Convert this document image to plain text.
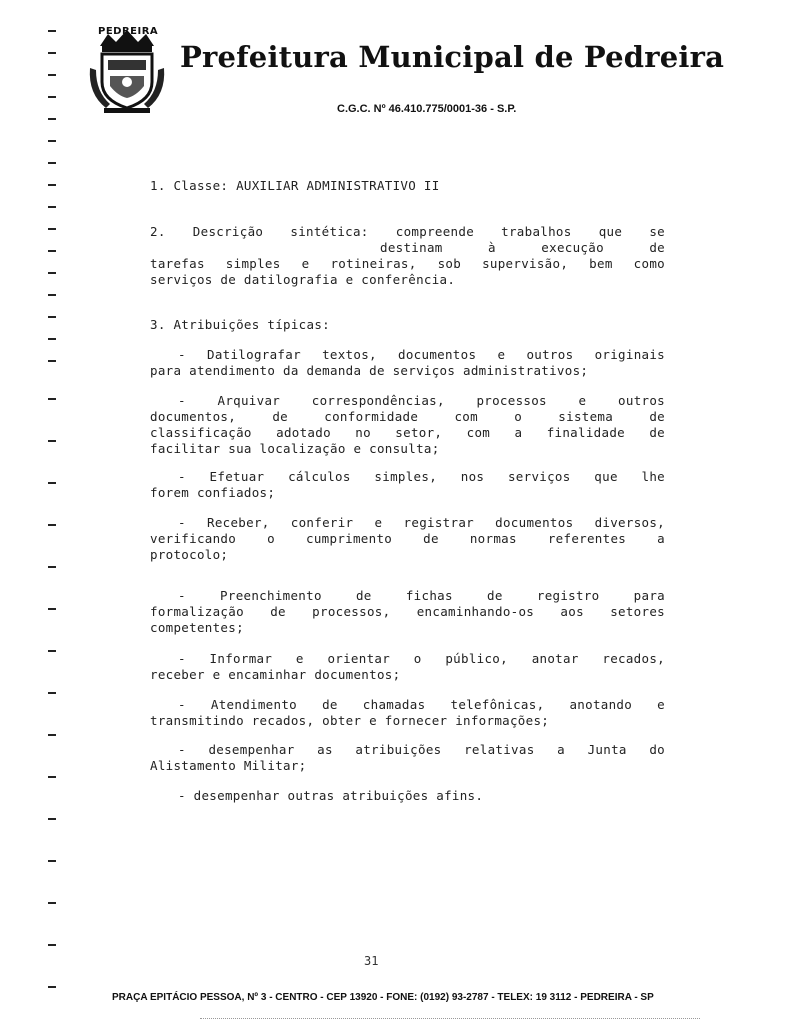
PEDREIRA
Prefeitura Municipal de Pedreira
C.G.C. Nº 46.410.775/0001-36 - S.P.
1. Classe: AUXILIAR ADMINISTRATIVO II
2. Descrição sintética: compreende trabalhos que se
destinam à execução de
tarefas simples e rotineiras, sob supervisão, bem como
serviços de datilografia e conferência.
3. Atribuições típicas:
- Datilografar textos, documentos e outros originais
para atendimento da demanda de serviços administrativos;
- Arquivar correspondências, processos e outros
documentos, de conformidade com o sistema de
classificação adotado no setor, com a finalidade de
facilitar sua localização e consulta;
- Efetuar cálculos simples, nos serviços que lhe
forem confiados;
- Receber, conferir e registrar documentos diversos,
verificando o cumprimento de normas referentes a
protocolo;
- Preenchimento de fichas de registro para
formalização de processos, encaminhando-os aos setores
competentes;
- Informar e orientar o público, anotar recados,
receber e encaminhar documentos;
- Atendimento de chamadas telefônicas, anotando e
transmitindo recados, obter e fornecer informações;
- desempenhar as atribuições relativas a Junta do
Alistamento Militar;
- desempenhar outras atribuições afins.
31
PRAÇA EPITÁCIO PESSOA, Nº 3 - CENTRO - CEP 13920 - FONE: (0192) 93-2787 - TELEX: 19 3112 - PEDREIRA - SP
